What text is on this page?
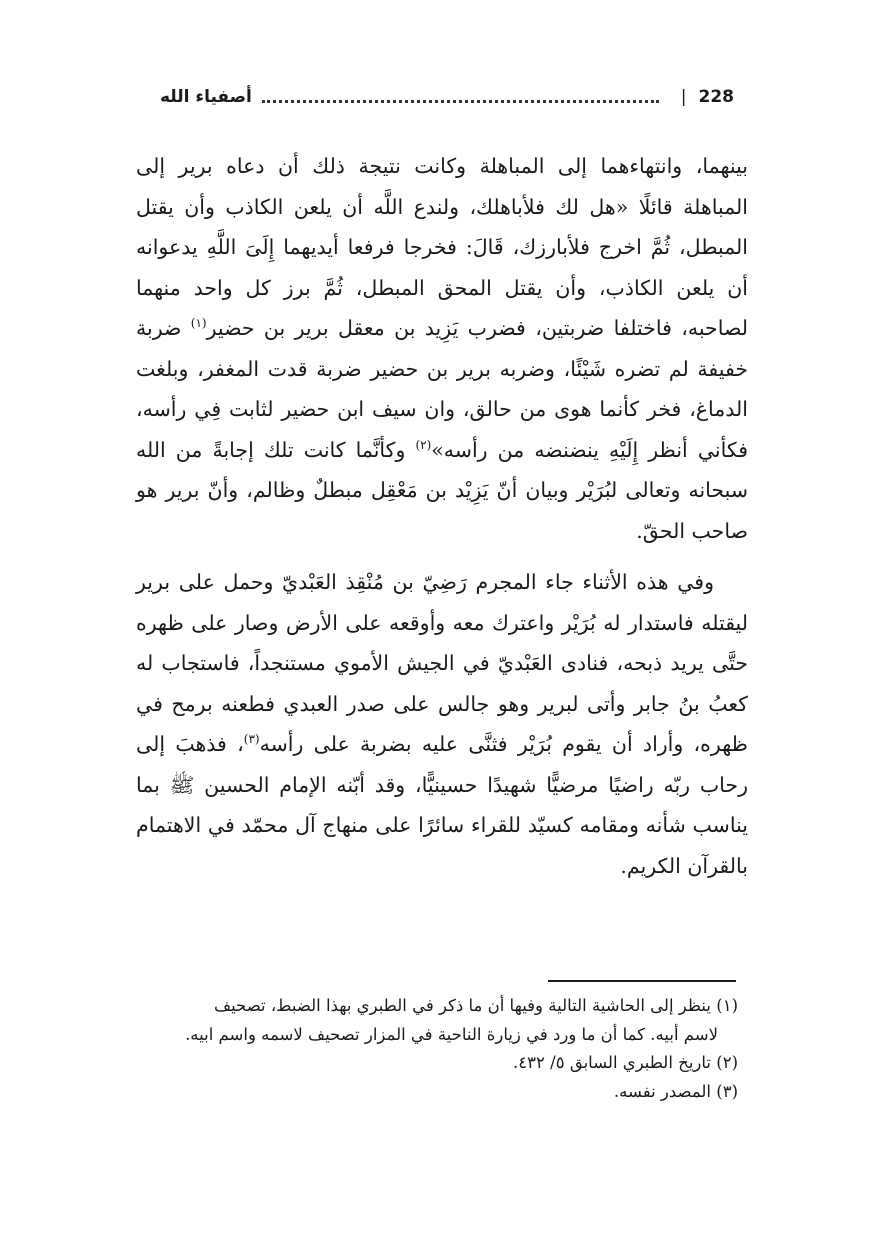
228
|
أصفياء الله

بينهما، وانتهاءهما إلى المباهلة وكانت نتيجة ذلك أن دعاه برير إلى المباهلة قائلًا «هل لك فلأباهلك، ولندع اللَّه أن يلعن الكاذب وأن يقتل المبطل، ثُمَّ اخرج فلأبارزك، قَالَ: فخرجا فرفعا أيديهما إِلَىَ اللَّهِ يدعوانه أن يلعن الكاذب، وأن يقتل المحق المبطل، ثُمَّ برز كل واحد منهما لصاحبه، فاختلفا ضربتين، فضرب يَزِيد بن معقل برير بن حضير$^{(١)}$ ضربة خفيفة لم تضره شَيْئًا، وضربه برير بن حضير ضربة قدت المغفر، وبلغت الدماغ، فخر كأنما هوى من حالق، وان سيف ابن حضير لثابت فِي رأسه، فكأني أنظر إِلَيْهِ ينضنضه من رأسه»$^{(٢)}$ وكأنَّما كانت تلك إجابةً من الله سبحانه وتعالى لبُرَيْر وبيان أنّ يَزِيْد بن مَعْقِل مبطلٌ وظالم، وأنّ برير هو صاحب الحقّ.

وفي هذه الأثناء جاء المجرم رَضِيّ بن مُنْقِذ العَبْديّ وحمل على برير ليقتله فاستدار له بُرَيْر واعترك معه وأوقعه على الأرض وصار على ظهره حتَّى يريد ذبحه، فنادى العَبْديّ في الجيش الأموي مستنجداً، فاستجاب له كعبُ بنُ جابر وأتى لبرير وهو جالس على صدر العبدي فطعنه برمح في ظهره، وأراد أن يقوم بُرَيْر فثنَّى عليه بضربة على رأسه$^{(٣)}$، فذهبَ إلى رحاب ربّه راضيًا مرضيًّا شهيدًا حسينيًّا، وقد أبّنه الإمام الحسين ﷺ بما يناسب شأنه ومقامه كسيّد للقراء سائرًا على منهاج آل محمّد في الاهتمام بالقرآن الكريم.

(١) ينظر إلى الحاشية التالية وفيها أن ما ذكر في الطبري بهذا الضبط، تصحيف

لاسم أبيه. كما أن ما ورد في زيارة الناحية في المزار تصحيف لاسمه واسم ابيه.

(٢) تاريخ الطبري السابق ٥/ ٤٣٢.

(٣) المصدر نفسه.
